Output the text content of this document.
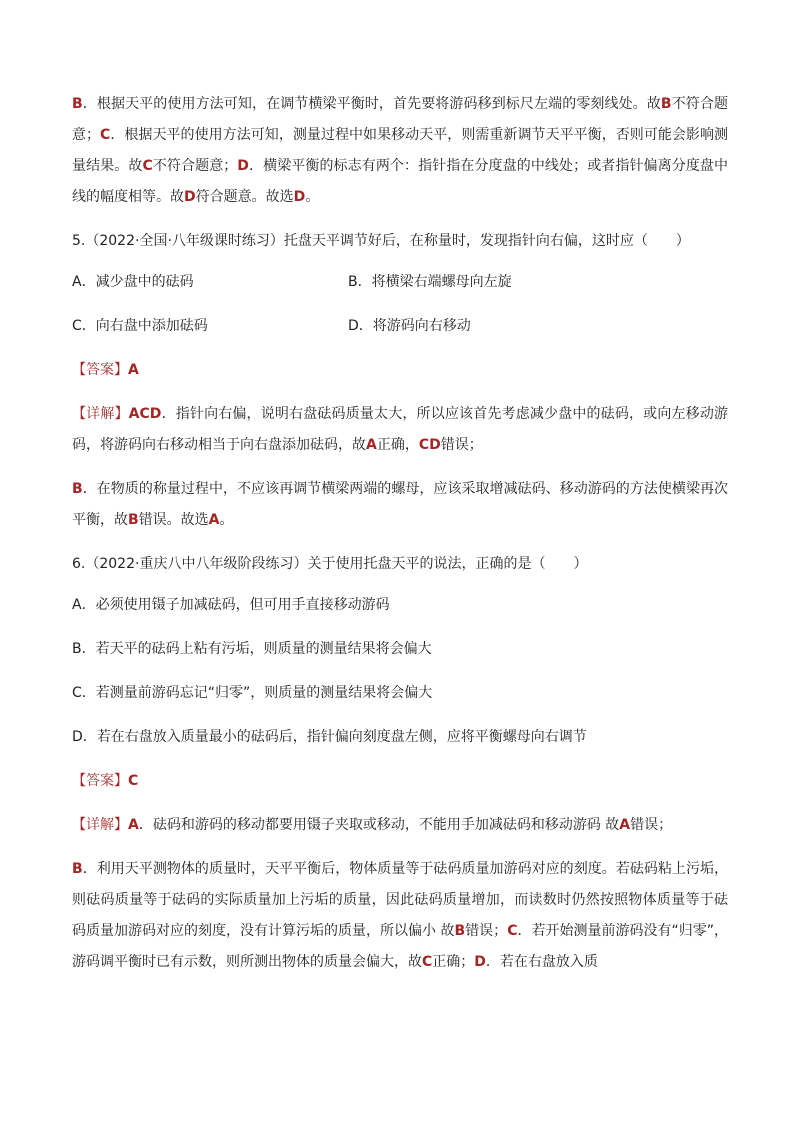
B．根据天平的使用方法可知，在调节横梁平衡时，首先要将游码移到标尺左端的零刻线处。故B不符合题意；C．根据天平的使用方法可知，测量过程中如果移动天平，则需重新调节天平平衡，否则可能会影响测量结果。故C不符合题意；D．横梁平衡的标志有两个：指针指在分度盘的中线处；或者指针偏离分度盘中线的幅度相等。故D符合题意。故选D。
5.（2022·全国·八年级课时练习）托盘天平调节好后，在称量时，发现指针向右偏，这时应（　　）
A．减少盘中的砝码	B．将横梁右端螺母向左旋
C．向右盘中添加砝码	D．将游码向右移动
【答案】A
【详解】ACD．指针向右偏，说明右盘砝码质量太大，所以应该首先考虑减少盘中的砝码，或向左移动游码，将游码向右移动相当于向右盘添加砝码，故A正确，CD错误；
B．在物质的称量过程中，不应该再调节横梁两端的螺母，应该采取增减砝码、移动游码的方法使横梁再次平衡，故B错误。故选A。
6.（2022·重庆八中八年级阶段练习）关于使用托盘天平的说法，正确的是（　　）
A．必须使用镊子加减砝码，但可用手直接移动游码
B．若天平的砝码上粘有污垢，则质量的测量结果将会偏大
C．若测量前游码忘记“归零”，则质量的测量结果将会偏大
D．若在右盘放入质量最小的砝码后，指针偏向刻度盘左侧，应将平衡螺母向右调节
【答案】C
【详解】A．砝码和游码的移动都要用镊子夹取或移动，不能用手加减砝码和移动游码 故A错误；
B．利用天平测物体的质量时，天平平衡后，物体质量等于砝码质量加游码对应的刻度。若砝码粘上污垢，则砝码质量等于砝码的实际质量加上污垢的质量，因此砝码质量增加，而读数时仍然按照物体质量等于砝码质量加游码对应的刻度，没有计算污垢的质量，所以偏小 故B错误；C．若开始测量前游码没有“归零”，游码调平衡时已有示数，则所测出物体的质量会偏大，故C正确；D．若在右盘放入质
